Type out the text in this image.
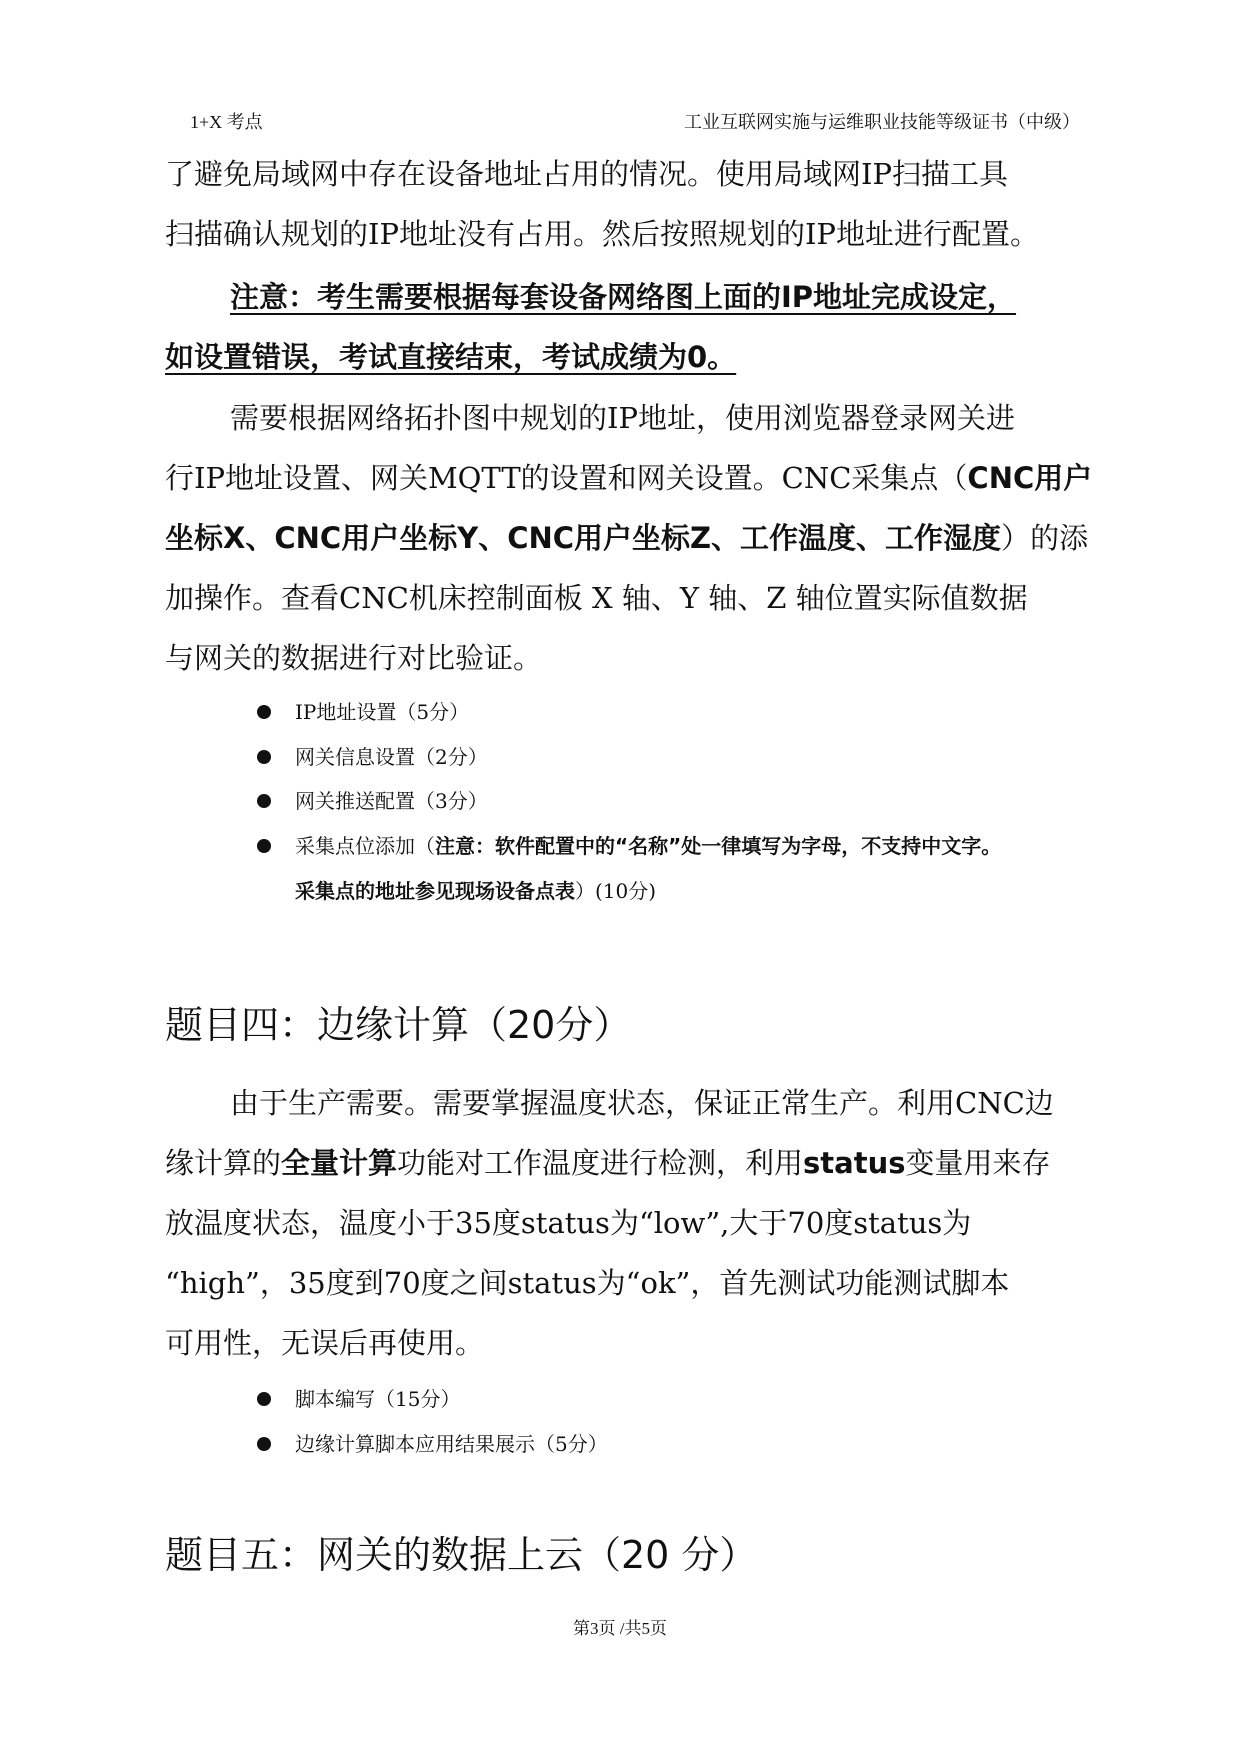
1+X 考点	工业互联网实施与运维职业技能等级证书（中级）
了避免局域网中存在设备地址占用的情况。使用局域网IP扫描工具
扫描确认规划的IP地址没有占用。然后按照规划的IP地址进行配置。
注意：考生需要根据每套设备网络图上面的IP地址完成设定，
如设置错误，考试直接结束，考试成绩为0。
需要根据网络拓扑图中规划的IP地址，使用浏览器登录网关进
行IP地址设置、网关MQTT的设置和网关设置。CNC采集点（CNC用户
坐标X、CNC用户坐标Y、CNC用户坐标Z、工作温度、工作湿度）的添
加操作。查看CNC机床控制面板 X 轴、Y 轴、Z 轴位置实际值数据
与网关的数据进行对比验证。
IP地址设置（5分）
网关信息设置（2分）
网关推送配置（3分）
采集点位添加（注意：软件配置中的“名称”处一律填写为字母，不支持中文字。
采集点的地址参见现场设备点表）(10分)
题目四：边缘计算（20分）
由于生产需要。需要掌握温度状态，保证正常生产。利用CNC边
缘计算的全量计算功能对工作温度进行检测，利用status变量用来存
放温度状态，温度小于35度status为“low”,大于70度status为
“high”，35度到70度之间status为“ok”，首先测试功能测试脚本
可用性，无误后再使用。
脚本编写（15分）
边缘计算脚本应用结果展示（5分）
题目五：网关的数据上云（20 分）
第3页 /共5页
